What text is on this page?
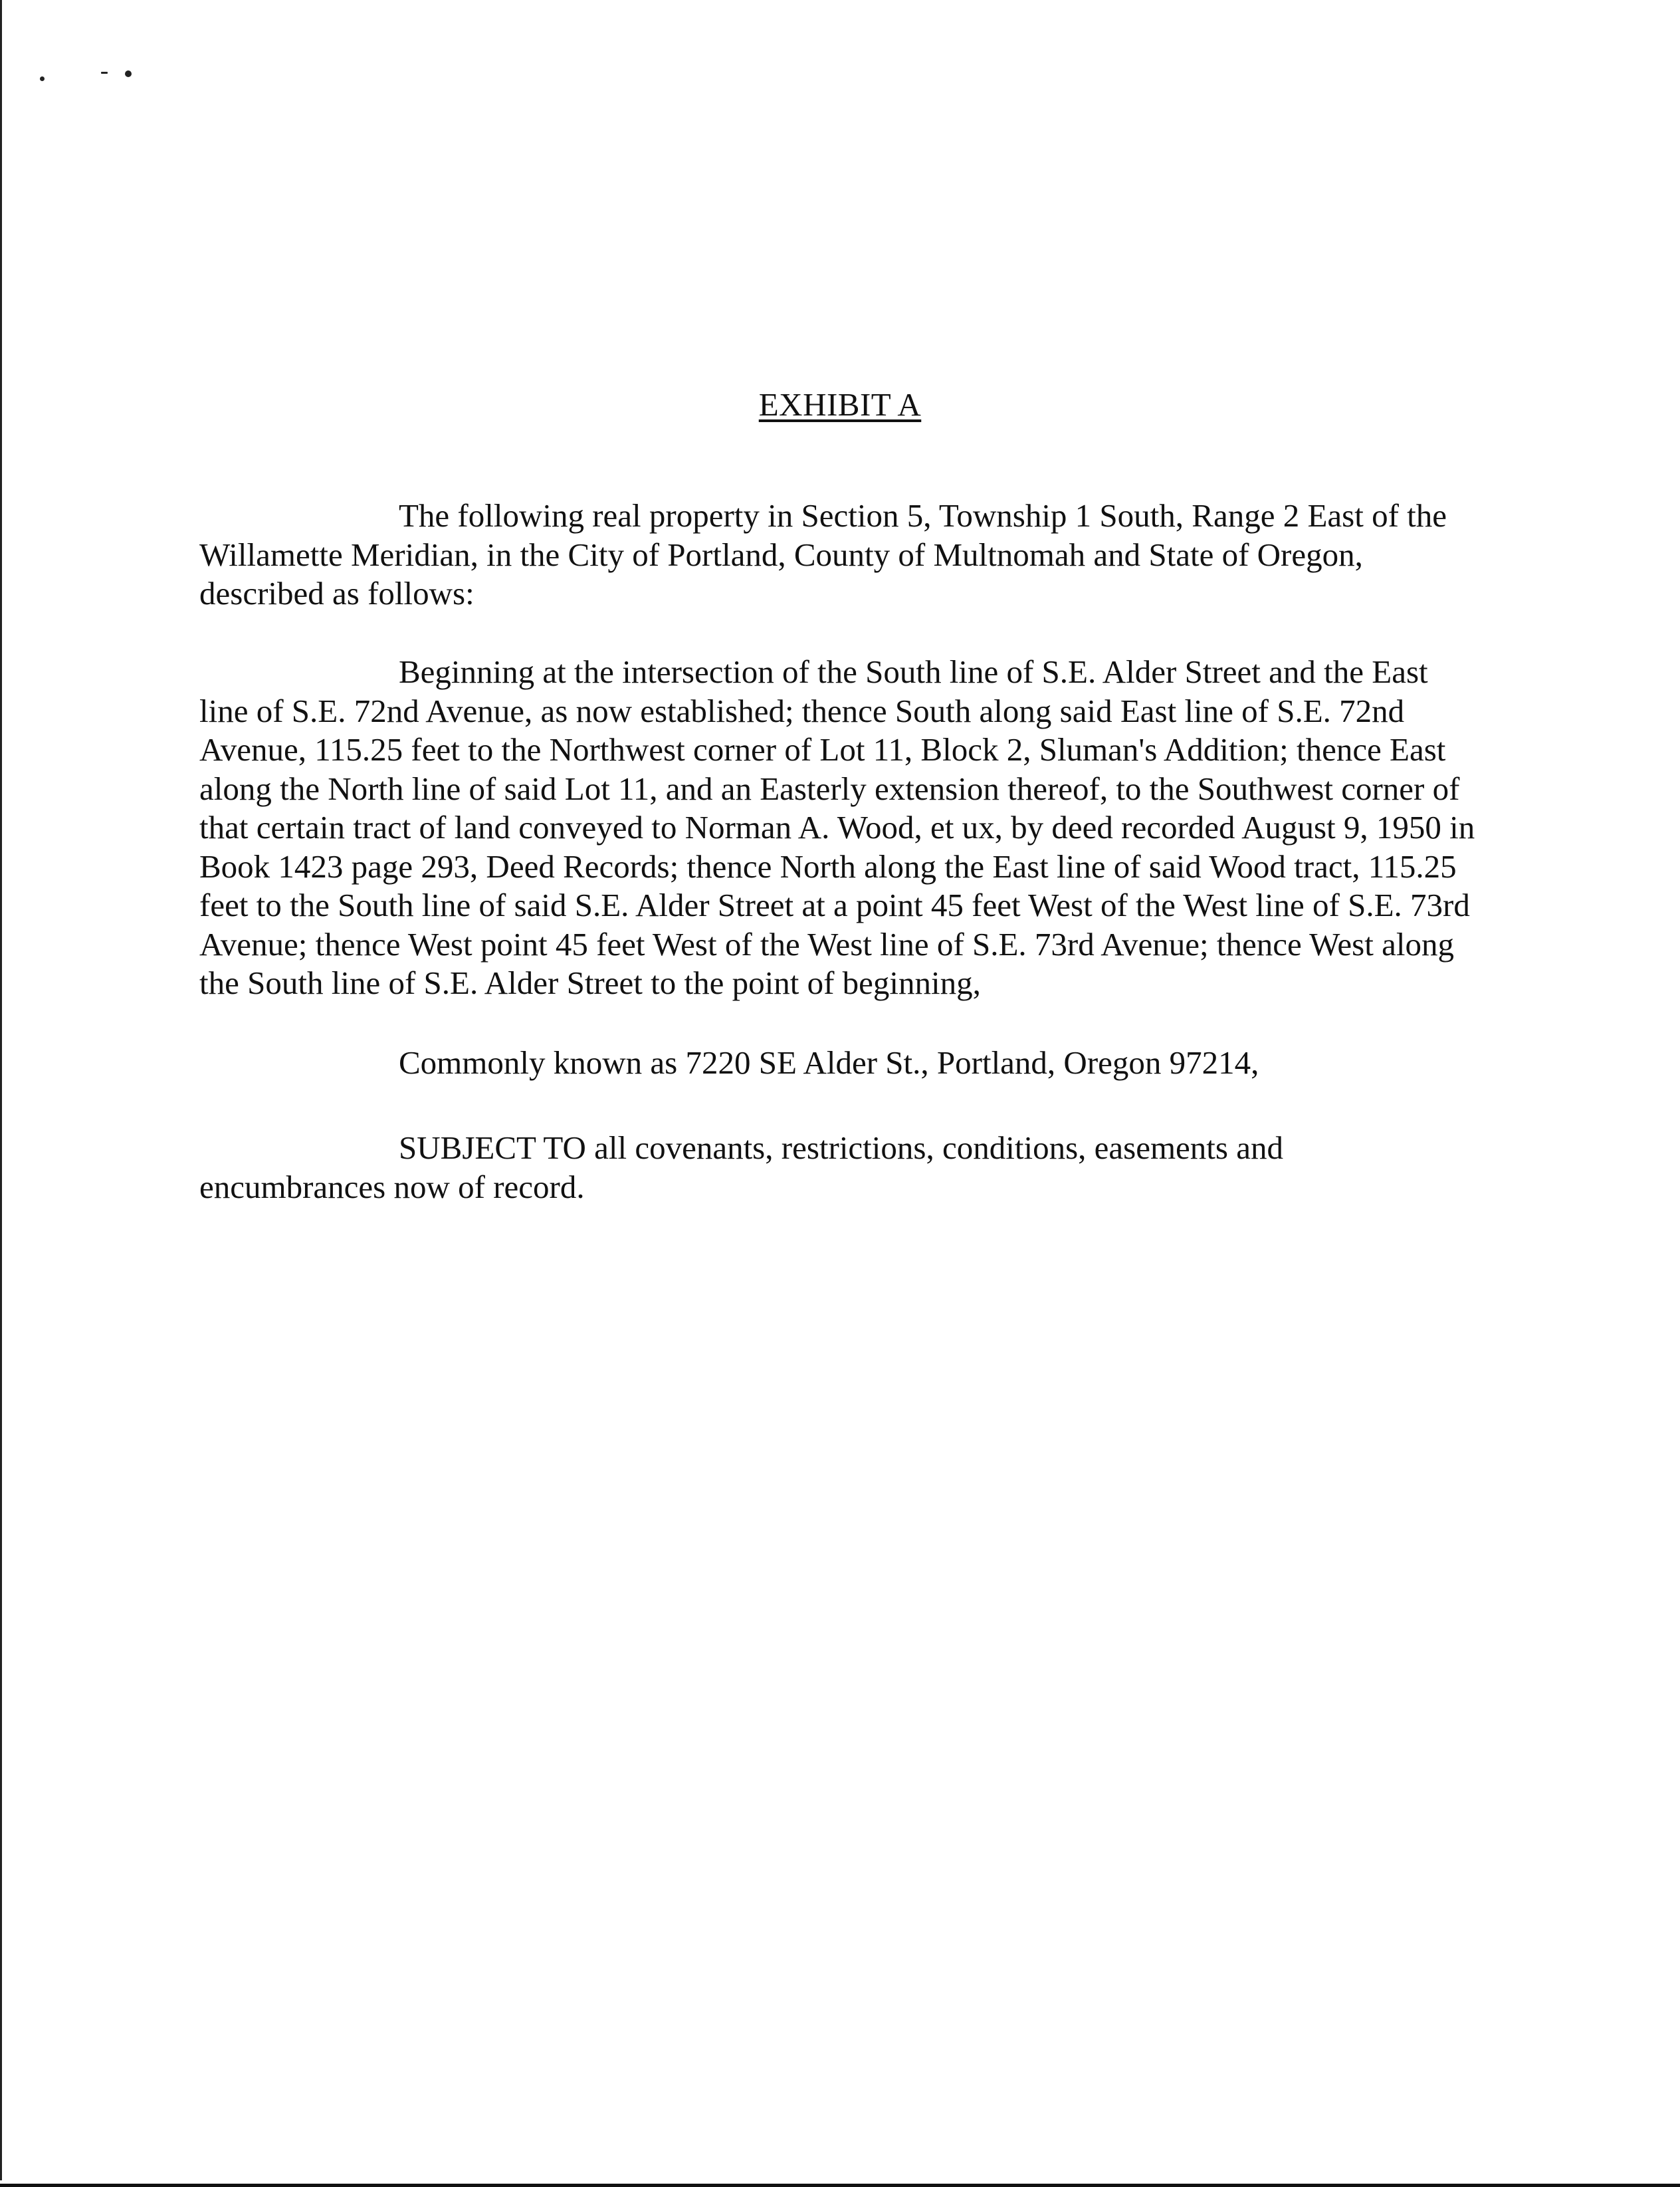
EXHIBIT A
The following real property in Section 5, Township 1 South, Range 2 East of the Willamette Meridian, in the City of Portland, County of Multnomah and State of Oregon, described as follows:
Beginning at the intersection of the South line of S.E. Alder Street and the East line of S.E. 72nd Avenue, as now established; thence South along said East line of S.E. 72nd Avenue, 115.25 feet to the Northwest corner of Lot 11, Block 2, Sluman's Addition; thence East along the North line of said Lot 11, and an Easterly extension thereof, to the Southwest corner of that certain tract of land conveyed to Norman A. Wood, et ux, by deed recorded August 9, 1950 in Book 1423 page 293, Deed Records; thence North along the East line of said Wood tract, 115.25 feet to the South line of said S.E. Alder Street at a point 45 feet West of the West line of S.E. 73rd Avenue; thence West point 45 feet West of the West line of S.E. 73rd Avenue; thence West along the South line of S.E. Alder Street to the point of beginning,
Commonly known as 7220 SE Alder St., Portland, Oregon 97214,
SUBJECT TO all covenants, restrictions, conditions, easements and encumbrances now of record.
